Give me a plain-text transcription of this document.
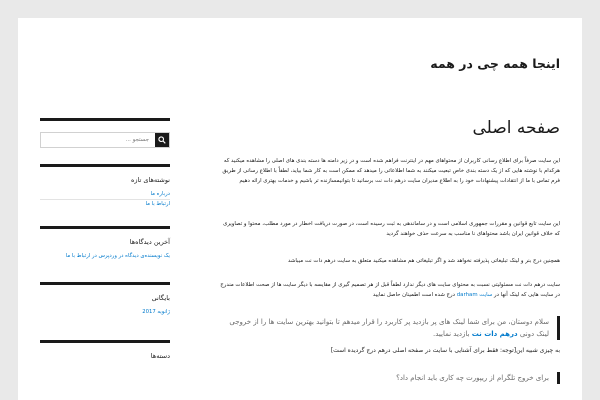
اینجا همه چی در همه
جستجو ...
نوشته‌های تازه
درباره ما
ارتباط با ما
آخرین دیدگاه‌ها
یک نویسنده‌ی دیدگاه در وردپرس در ارتباط با ما
بایگانی
ژانویه 2017
دسته‌ها
صفحه اصلی

این سایت صرفاً برای اطلاع رسانی کاربران از محتواهای مهم در اینترنت فراهم شده است و در زیر دامنه ها دسته بندی های اصلی را مشاهده میکنید که هرکدام با نوشته هایی که از یک دسته بندی خاص تبعیت میکنند به شما اطلاعاتی را میدهد که ممکن است به کار شما بیاید، لطفاً با اطلاع رسانی از طریق فرم تماس با ما از انتقادات پیشنهادات خود را به اطلاع مدیران سایت درهم دات نت برسانید تا بتوانیمسازنده تر باشیم و خدمات بهتری ارائه دهیم

این سایت تابع قوانین و مقررات جمهوری اسلامی است و در ساماندهی به ثبت رسیده است، در صورت دریافت اخطار در مورد مطلب، محتوا و تصاویری که خلاف قوانین ایران باشد محتواهای نا مناسب به سرعت حذف خواهند گردید

همچنین درج بنر و لینک تبلیغاتی پذیرفته نخواهد شد و اگر تبلیغاتی هم مشاهده میکنید متعلق به سایت درهم دات نت میباشد

سایت درهم دات نت مسئولیتی نسبت به محتوای سایت های دیگر ندارد لطفاً قبل از هر تصمیم گیری از مقایسه با دیگر سایت ها از صحت اطلاعات مندرج در سایت هایی که لینک آنها در سایت darham درج شده است اطمینان حاصل نمایید

سلام دوستان، من برای شما لینک های پر بازدید پر کاربرد را قرار میدهم تا بتوانید بهترین سایت ها را از خروجی لینک دونی درهم دات نت بازدید نمایید.

به چیزی شبیه این[توجه: فقط برای آشنایی با سایت در صفحه اصلی درهم درج گردیده است]

برای خروج تلگرام از ریپورت چه کاری باید انجام داد؟
